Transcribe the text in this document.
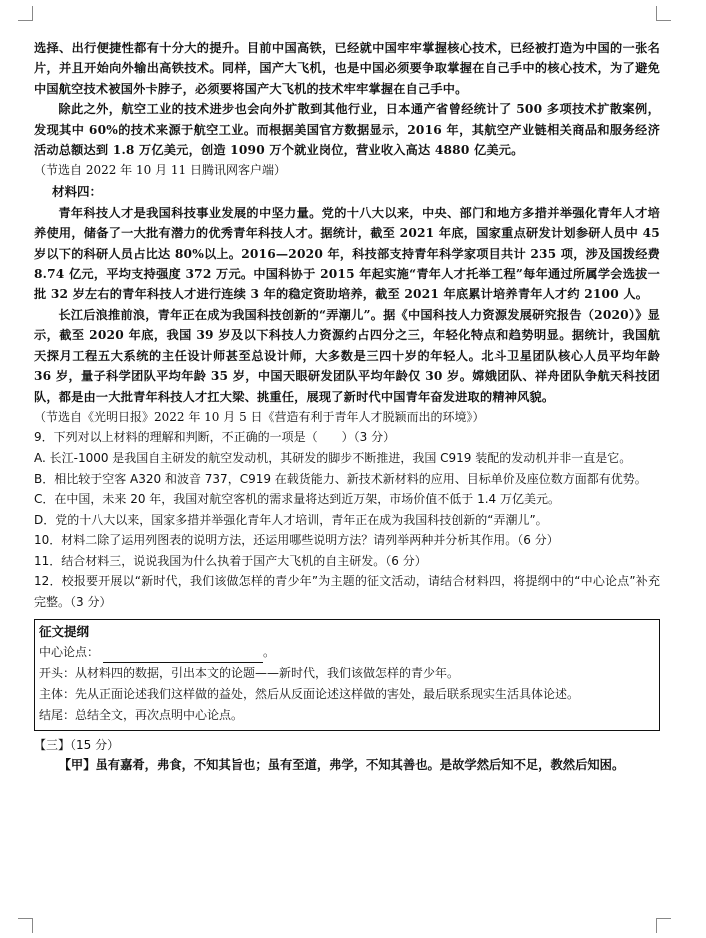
选择、出行便捷性都有十分大的提升。目前中国高铁，已经就中国牢牢掌握核心技术，已经被打造为中国的一张名片，并且开始向外输出高铁技术。同样，国产大飞机，也是中国必须要争取掌握在自己手中的核心技术，为了避免中国航空技术被国外卡脖子，必须要将国产大飞机的技术牢牢掌握在自己手中。

除此之外，航空工业的技术进步也会向外扩散到其他行业，日本通产省曾经统计了 500 多项技术扩散案例，发现其中 60%的技术来源于航空工业。而根据美国官方数据显示，2016 年，其航空产业链相关商品和服务经济活动总额达到 1.8 万亿美元，创造 1090 万个就业岗位，营业收入高达 4880 亿美元。

（节选自 2022 年 10 月 11 日腾讯网客户端）

材料四：

青年科技人才是我国科技事业发展的中坚力量。党的十八大以来，中央、部门和地方多措并举强化青年人才培养使用，储备了一大批有潜力的优秀青年科技人才。据统计，截至 2021 年底，国家重点研发计划参研人员中 45 岁以下的科研人员占比达 80%以上。2016—2020 年，科技部支持青年科学家项目共计 235 项，涉及国拨经费 8.74 亿元，平均支持强度 372 万元。中国科协于 2015 年起实施“青年人才托举工程”每年通过所属学会选拔一批 32 岁左右的青年科技人才进行连续 3 年的稳定资助培养，截至 2021 年底累计培养青年人才约 2100 人。

长江后浪推前浪，青年正在成为我国科技创新的“弄潮儿”。据《中国科技人力资源发展研究报告（2020）》显示，截至 2020 年底，我国 39 岁及以下科技人力资源约占四分之三，年轻化特点和趋势明显。据统计，我国航天探月工程五大系统的主任设计师甚至总设计师，大多数是三四十岁的年轻人。北斗卫星团队核心人员平均年龄 36 岁，量子科学团队平均年龄 35 岁，中国天眼研发团队平均年龄仅 30 岁。嫦娥团队、祥舟团队争航天科技团队，都是由一大批青年科技人才扛大梁、挑重任，展现了新时代中国青年奋发进取的精神风貌。

（节选自《光明日报》2022 年 10 月 5 日《营造有利于青年人才脱颖而出的环境》）

9．下列对以上材料的理解和判断，不正确的一项是（　　）（3 分）

A. 长江-1000 是我国自主研发的航空发动机，其研发的脚步不断推进，我国 C919 装配的发动机并非一直是它。

B．相比较于空客 A320 和波音 737，C919 在载货能力、新技术新材料的应用、目标单价及座位数方面都有优势。

C．在中国，未来 20 年，我国对航空客机的需求量将达到近万架，市场价值不低于 1.4 万亿美元。

D．党的十八大以来，国家多措并举强化青年人才培训，青年正在成为我国科技创新的“弄潮儿”。

10．材料二除了运用列图表的说明方法，还运用哪些说明方法？请列举两种并分析其作用。（6 分）

11．结合材料三，说说我国为什么执着于国产大飞机的自主研发。（6 分）

12．校报要开展以“新时代，我们该做怎样的青少年”为主题的征文活动，请结合材料四，将提纲中的“中心论点”补充完整。（3 分）

征文提纲

中心论点：	。

开头：从材料四的数据，引出本文的论题——新时代，我们该做怎样的青少年。

主体：先从正面论述我们这样做的益处，然后从反面论述这样做的害处，最后联系现实生活具体论述。

结尾：总结全文，再次点明中心论点。

【三】（15 分）

【甲】虽有嘉肴，弗食，不知其旨也；虽有至道，弗学，不知其善也。是故学然后知不足，教然后知困。
